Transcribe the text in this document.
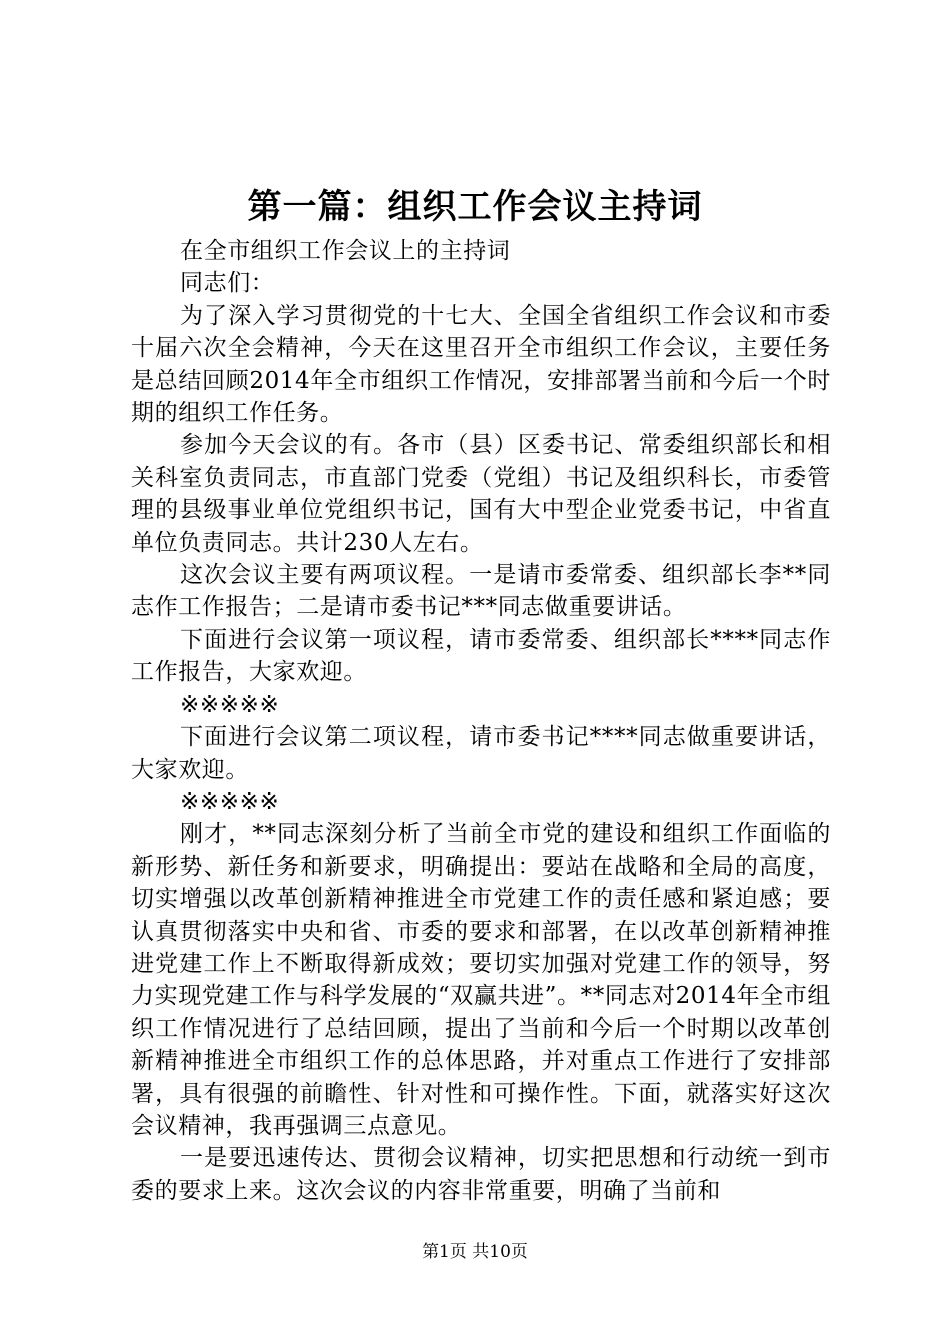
第一篇：组织工作会议主持词

在全市组织工作会议上的主持词

同志们：

为了深入学习贯彻党的十七大、全国全省组织工作会议和市委十届六次全会精神，今天在这里召开全市组织工作会议，主要任务是总结回顾2014年全市组织工作情况，安排部署当前和今后一个时期的组织工作任务。

参加今天会议的有。各市（县）区委书记、常委组织部长和相关科室负责同志，市直部门党委（党组）书记及组织科长，市委管理的县级事业单位党组织书记，国有大中型企业党委书记，中省直单位负责同志。共计230人左右。

这次会议主要有两项议程。一是请市委常委、组织部长李**同志作工作报告；二是请市委书记***同志做重要讲话。

下面进行会议第一项议程，请市委常委、组织部长****同志作工作报告，大家欢迎。

※※※※※

下面进行会议第二项议程，请市委书记****同志做重要讲话，大家欢迎。

※※※※※

刚才，**同志深刻分析了当前全市党的建设和组织工作面临的新形势、新任务和新要求，明确提出：要站在战略和全局的高度，切实增强以改革创新精神推进全市党建工作的责任感和紧迫感；要认真贯彻落实中央和省、市委的要求和部署，在以改革创新精神推进党建工作上不断取得新成效；要切实加强对党建工作的领导，努力实现党建工作与科学发展的“双赢共进”。**同志对2014年全市组织工作情况进行了总结回顾，提出了当前和今后一个时期以改革创新精神推进全市组织工作的总体思路，并对重点工作进行了安排部署，具有很强的前瞻性、针对性和可操作性。下面，就落实好这次会议精神，我再强调三点意见。

一是要迅速传达、贯彻会议精神，切实把思想和行动统一到市委的要求上来。这次会议的内容非常重要，明确了当前和

第1页 共10页
